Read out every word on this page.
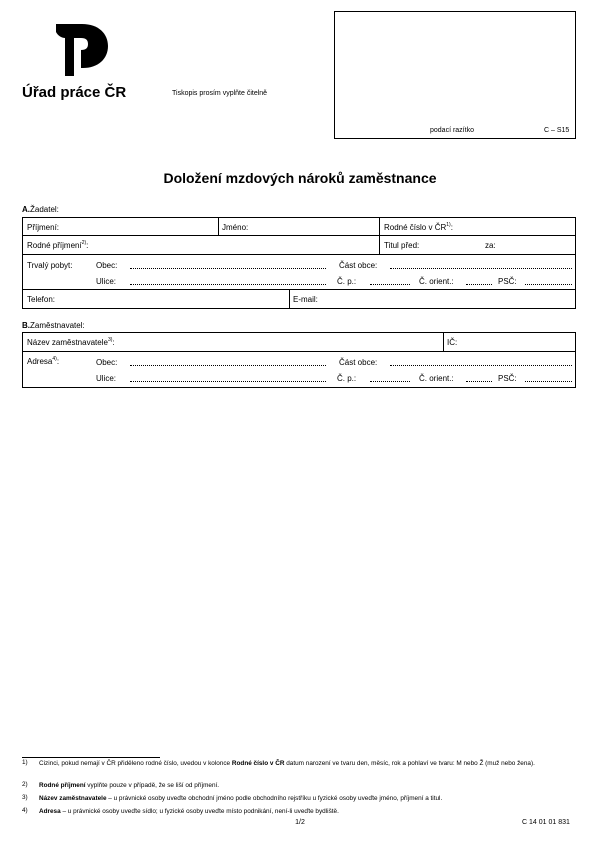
Úřad práce ČR	Tiskopis prosím vyplňte čitelně
podací razítko	C – S15
Doložení mzdových nároků zaměstnance
A.Žadatel:
Příjmení:	Jméno:	Rodné číslo v ČR$^{1)}$:
Rodné příjmení$^{2)}$:	Titul před:	za:
Trvalý pobyt:	Obec:	Část obce:
Ulice:	Č. p.:	Č. orient.:	PSČ:
Telefon:	E-mail:
B.Zaměstnavatel:
Název zaměstnavatele$^{3)}$:	IČ:
Adresa$^{4)}$:	Obec:	Část obce:
Ulice:	Č. p.:	Č. orient.:	PSČ:
1) Cizinci, pokud nemají v ČR přiděleno rodné číslo, uvedou v kolonce Rodné číslo v ČR datum narození ve tvaru den, měsíc, rok a pohlaví ve tvaru: M nebo Ž (muž nebo žena).
2) Rodné příjmení vyplňte pouze v případě, že se liší od příjmení.
3) Název zaměstnavatele – u právnické osoby uveďte obchodní jméno podle obchodního rejstříku u fyzické osoby uveďte jméno, příjmení a titul.
4) Adresa – u právnické osoby uveďte sídlo; u fyzické osoby uveďte místo podnikání, není-li uveďte bydliště.
1/2	C 14 01 01 831
